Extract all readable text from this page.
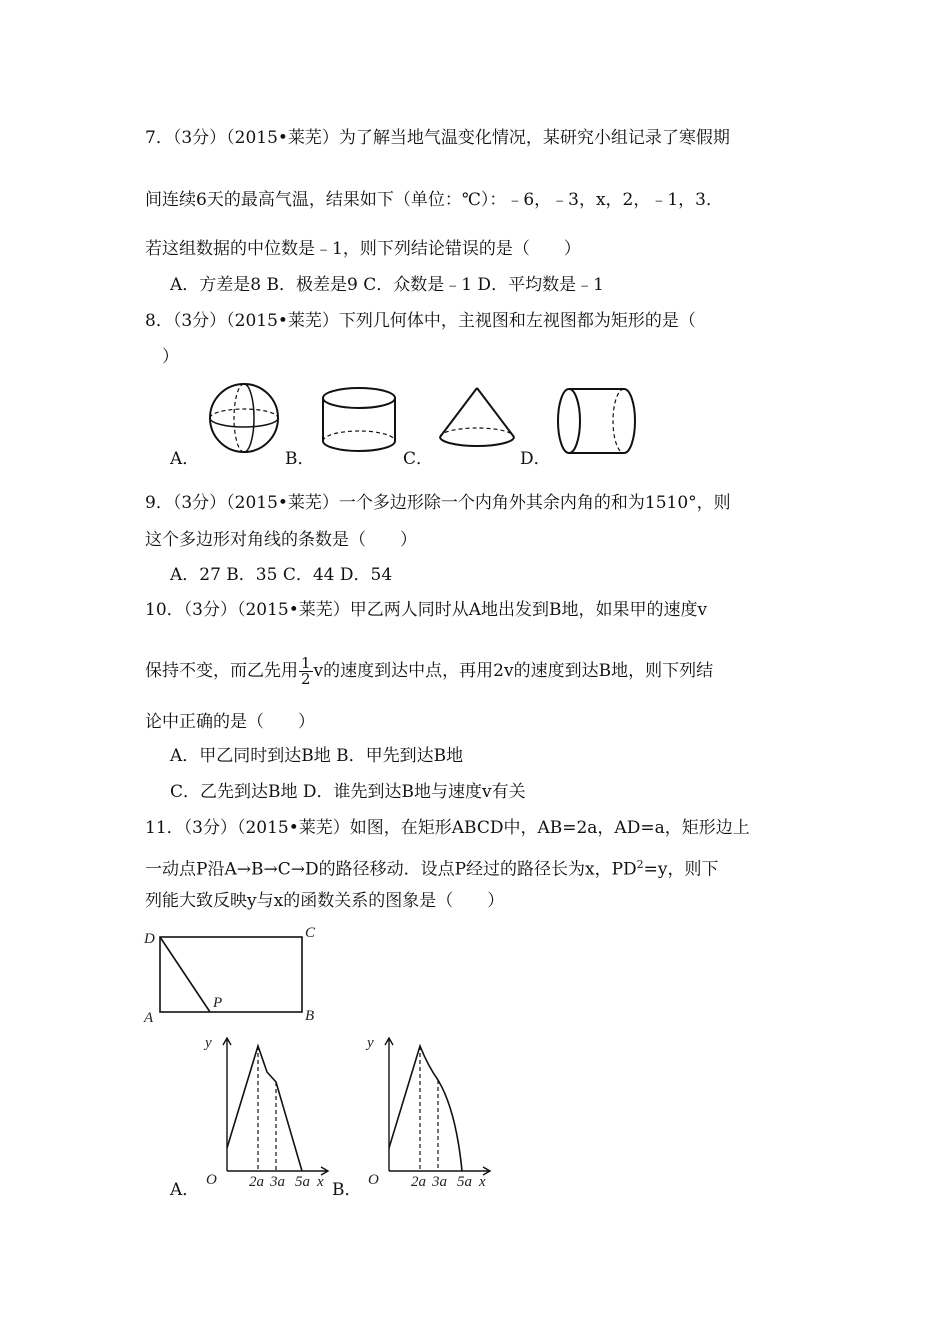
7．（3分）（2015•莱芜）为了解当地气温变化情况，某研究小组记录了寒假期
间连续6天的最高气温，结果如下（单位：℃）：﹣6，﹣3，x，2，﹣1，3．
若这组数据的中位数是﹣1，则下列结论错误的是（　　）
A．方差是8 B．极差是9 C．众数是﹣1 D．平均数是﹣1
8．（3分）（2015•莱芜）下列几何体中，主视图和左视图都为矩形的是（
）
A．	B．	C．	D．
9．（3分）（2015•莱芜）一个多边形除一个内角外其余内角的和为1510°，则
这个多边形对角线的条数是（　　）
A．27 B．35 C．44 D．54
10．（3分）（2015•莱芜）甲乙两人同时从A地出发到B地，如果甲的速度v
保持不变，而乙先用 $\frac{1}{2}$ v的速度到达中点，再用2v的速度到达B地，则下列结
论中正确的是（　　）
A．甲乙同时到达B地 B．甲先到达B地
C．乙先到达B地 D．谁先到达B地与速度v有关
11．（3分）（2015•莱芜）如图，在矩形ABCD中，AB=2a，AD=a，矩形边上
一动点P沿A→B→C→D的路径移动．设点P经过的路径长为x，$PD^2=y$，则下
列能大致反映y与x的函数关系的图象是（　　）
D	C
A	B
P
y
O 2a 3a 5a x
A．
y
O 2a 3a 5a x
B．
